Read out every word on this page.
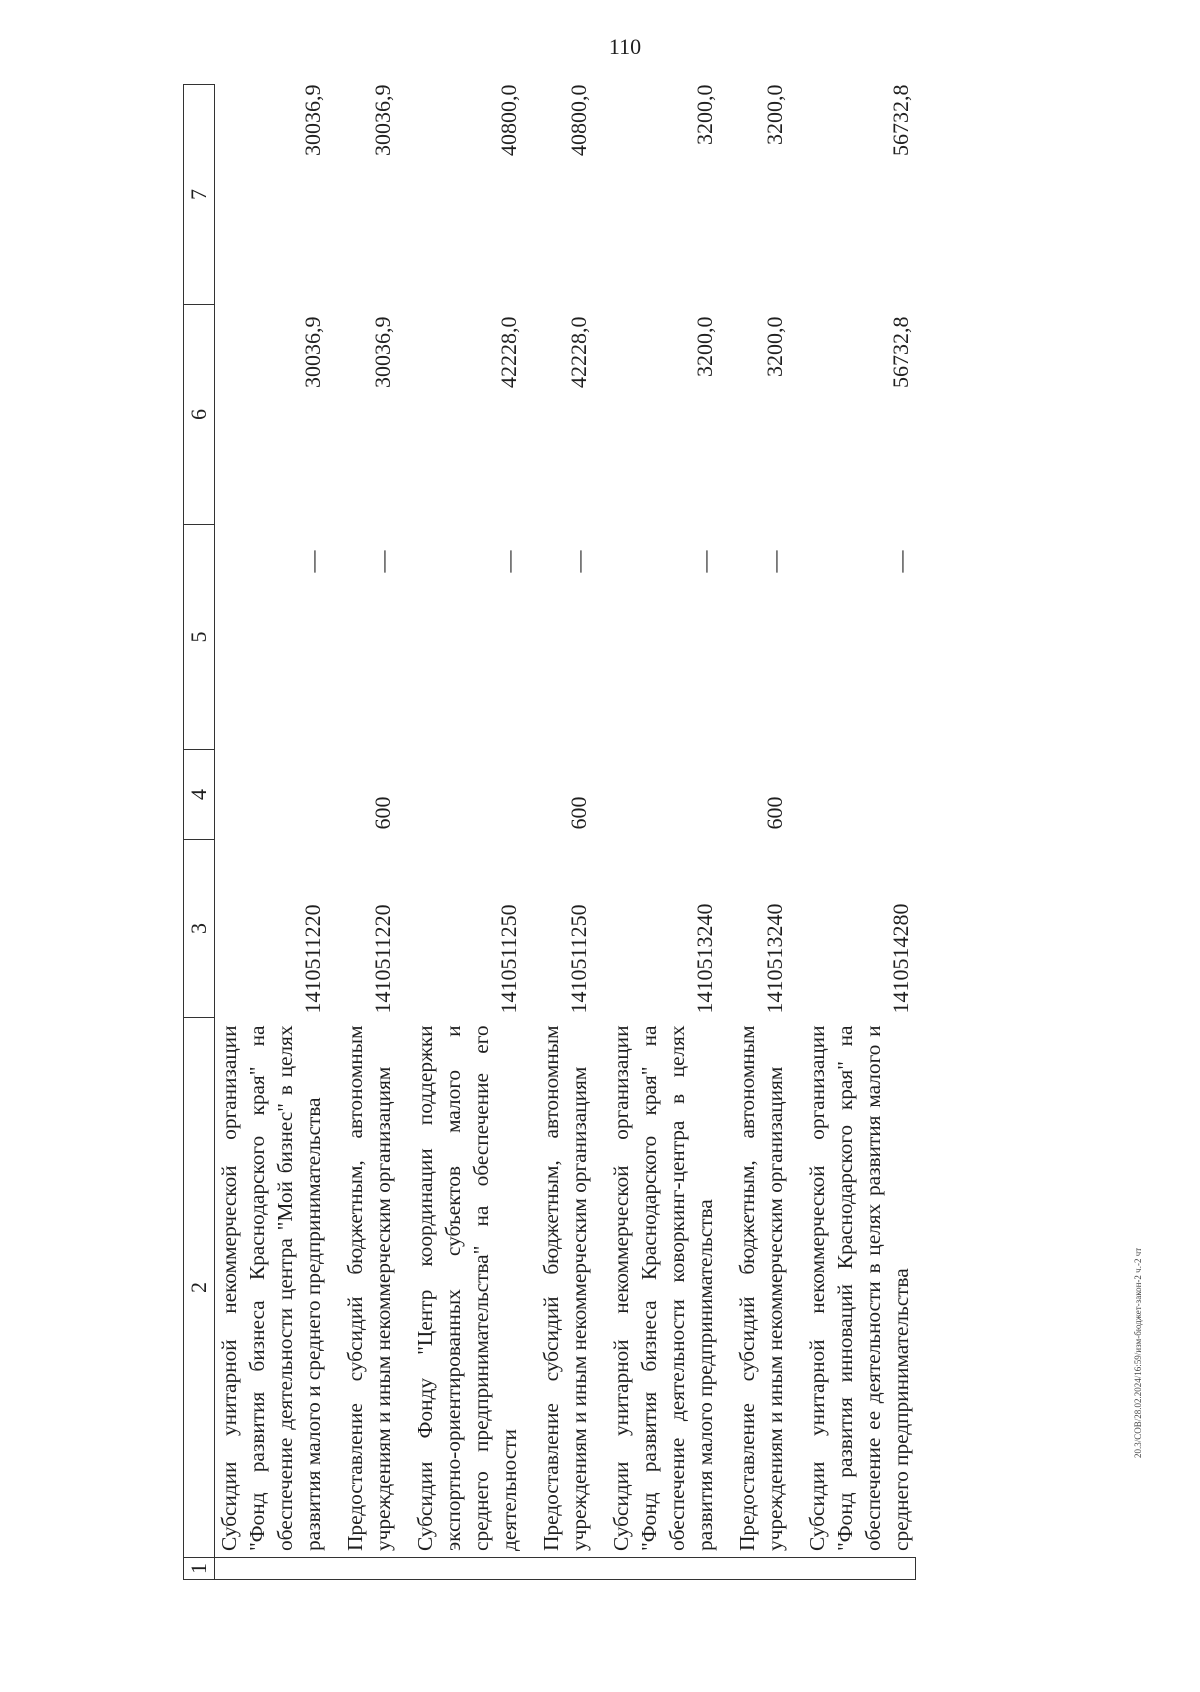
110
20.3/СОВ/28.02.2024/16:59/изм-бюджет-закон-2 ч.-2 чт
1	2	3	4	5	6	7
	Субсидии унитарной некоммерческой организации "Фонд развития бизнеса Краснодарского края" на обеспечение деятельности центра "Мой бизнес" в целях развития малого и среднего предпринимательства	1410511220		—	30036,9	30036,9
	Предоставление субсидий бюджетным, автономным учреждениям и иным некоммерческим организациям	1410511220	600	—	30036,9	30036,9
	Субсидии Фонду "Центр координации поддержки экспортно-ориентированных субъектов малого и среднего предпринимательства" на обеспечение его деятельности	1410511250		—	42228,0	40800,0
	Предоставление субсидий бюджетным, автономным учреждениям и иным некоммерческим организациям	1410511250	600	—	42228,0	40800,0
	Субсидии унитарной некоммерческой организации "Фонд развития бизнеса Краснодарского края" на обеспечение деятельности коворкинг-центра в целях развития малого предпринимательства	1410513240		—	3200,0	3200,0
	Предоставление субсидий бюджетным, автономным учреждениям и иным некоммерческим организациям	1410513240	600	—	3200,0	3200,0
	Субсидии унитарной некоммерческой организации "Фонд развития инноваций Краснодарского края" на обеспечение ее деятельности в целях развития малого и среднего предпринимательства	1410514280		—	56732,8	56732,8
